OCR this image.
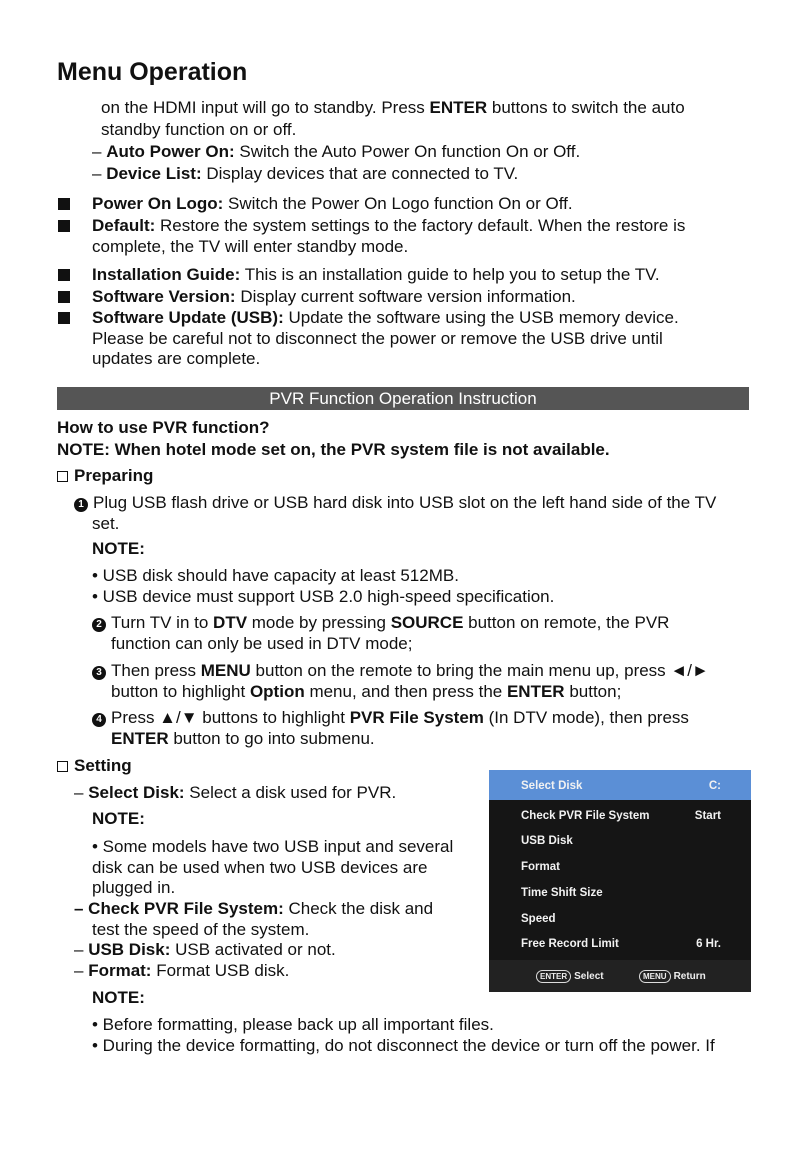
Menu Operation
on the HDMI input will go to standby. Press ENTER buttons to switch the auto
standby function on or off.
– Auto Power On: Switch the Auto Power On function On or Off.
– Device List: Display devices that are connected to TV.
Power On Logo: Switch the Power On Logo function On or Off.
Default: Restore the system settings to the factory default. When the restore is
complete, the TV will enter standby mode.
Installation Guide: This is an installation guide to help you to setup the TV.
Software Version: Display current software version information.
Software Update (USB): Update the software using the USB memory device.
Please be careful not to disconnect the power or remove the USB drive until
updates are complete.
PVR Function Operation Instruction
How to use PVR function?
NOTE: When hotel mode set on, the PVR system file is not available.
Preparing
1 Plug USB flash drive or USB hard disk into USB slot on the left hand side of the TV
set.
NOTE:
• USB disk should have capacity at least 512MB.
• USB device must support USB 2.0 high-speed specification.
2 Turn TV in to DTV mode by pressing SOURCE button on remote, the PVR
function can only be used in DTV mode;
3 Then press MENU button on the remote to bring the main menu up, press ◄/►
button to highlight Option menu, and then press the ENTER button;
4 Press ▲/▼ buttons to highlight PVR File System (In DTV mode), then press
ENTER button to go into submenu.
Setting
– Select Disk: Select a disk used for PVR.
NOTE:
• Some models have two USB input and several
disk can be used when two USB devices are
plugged in.
– Check PVR File System: Check the disk and
test the speed of the system.
– USB Disk: USB activated or not.
– Format: Format USB disk.
NOTE:
• Before formatting, please back up all important files.
• During the device formatting, do not disconnect the device or turn off the power. If
Select Disk	C:
Check PVR File System	Start
USB Disk
Format
Time Shift Size
Speed
Free Record Limit	6 Hr.
ENTER Select	MENU Return
